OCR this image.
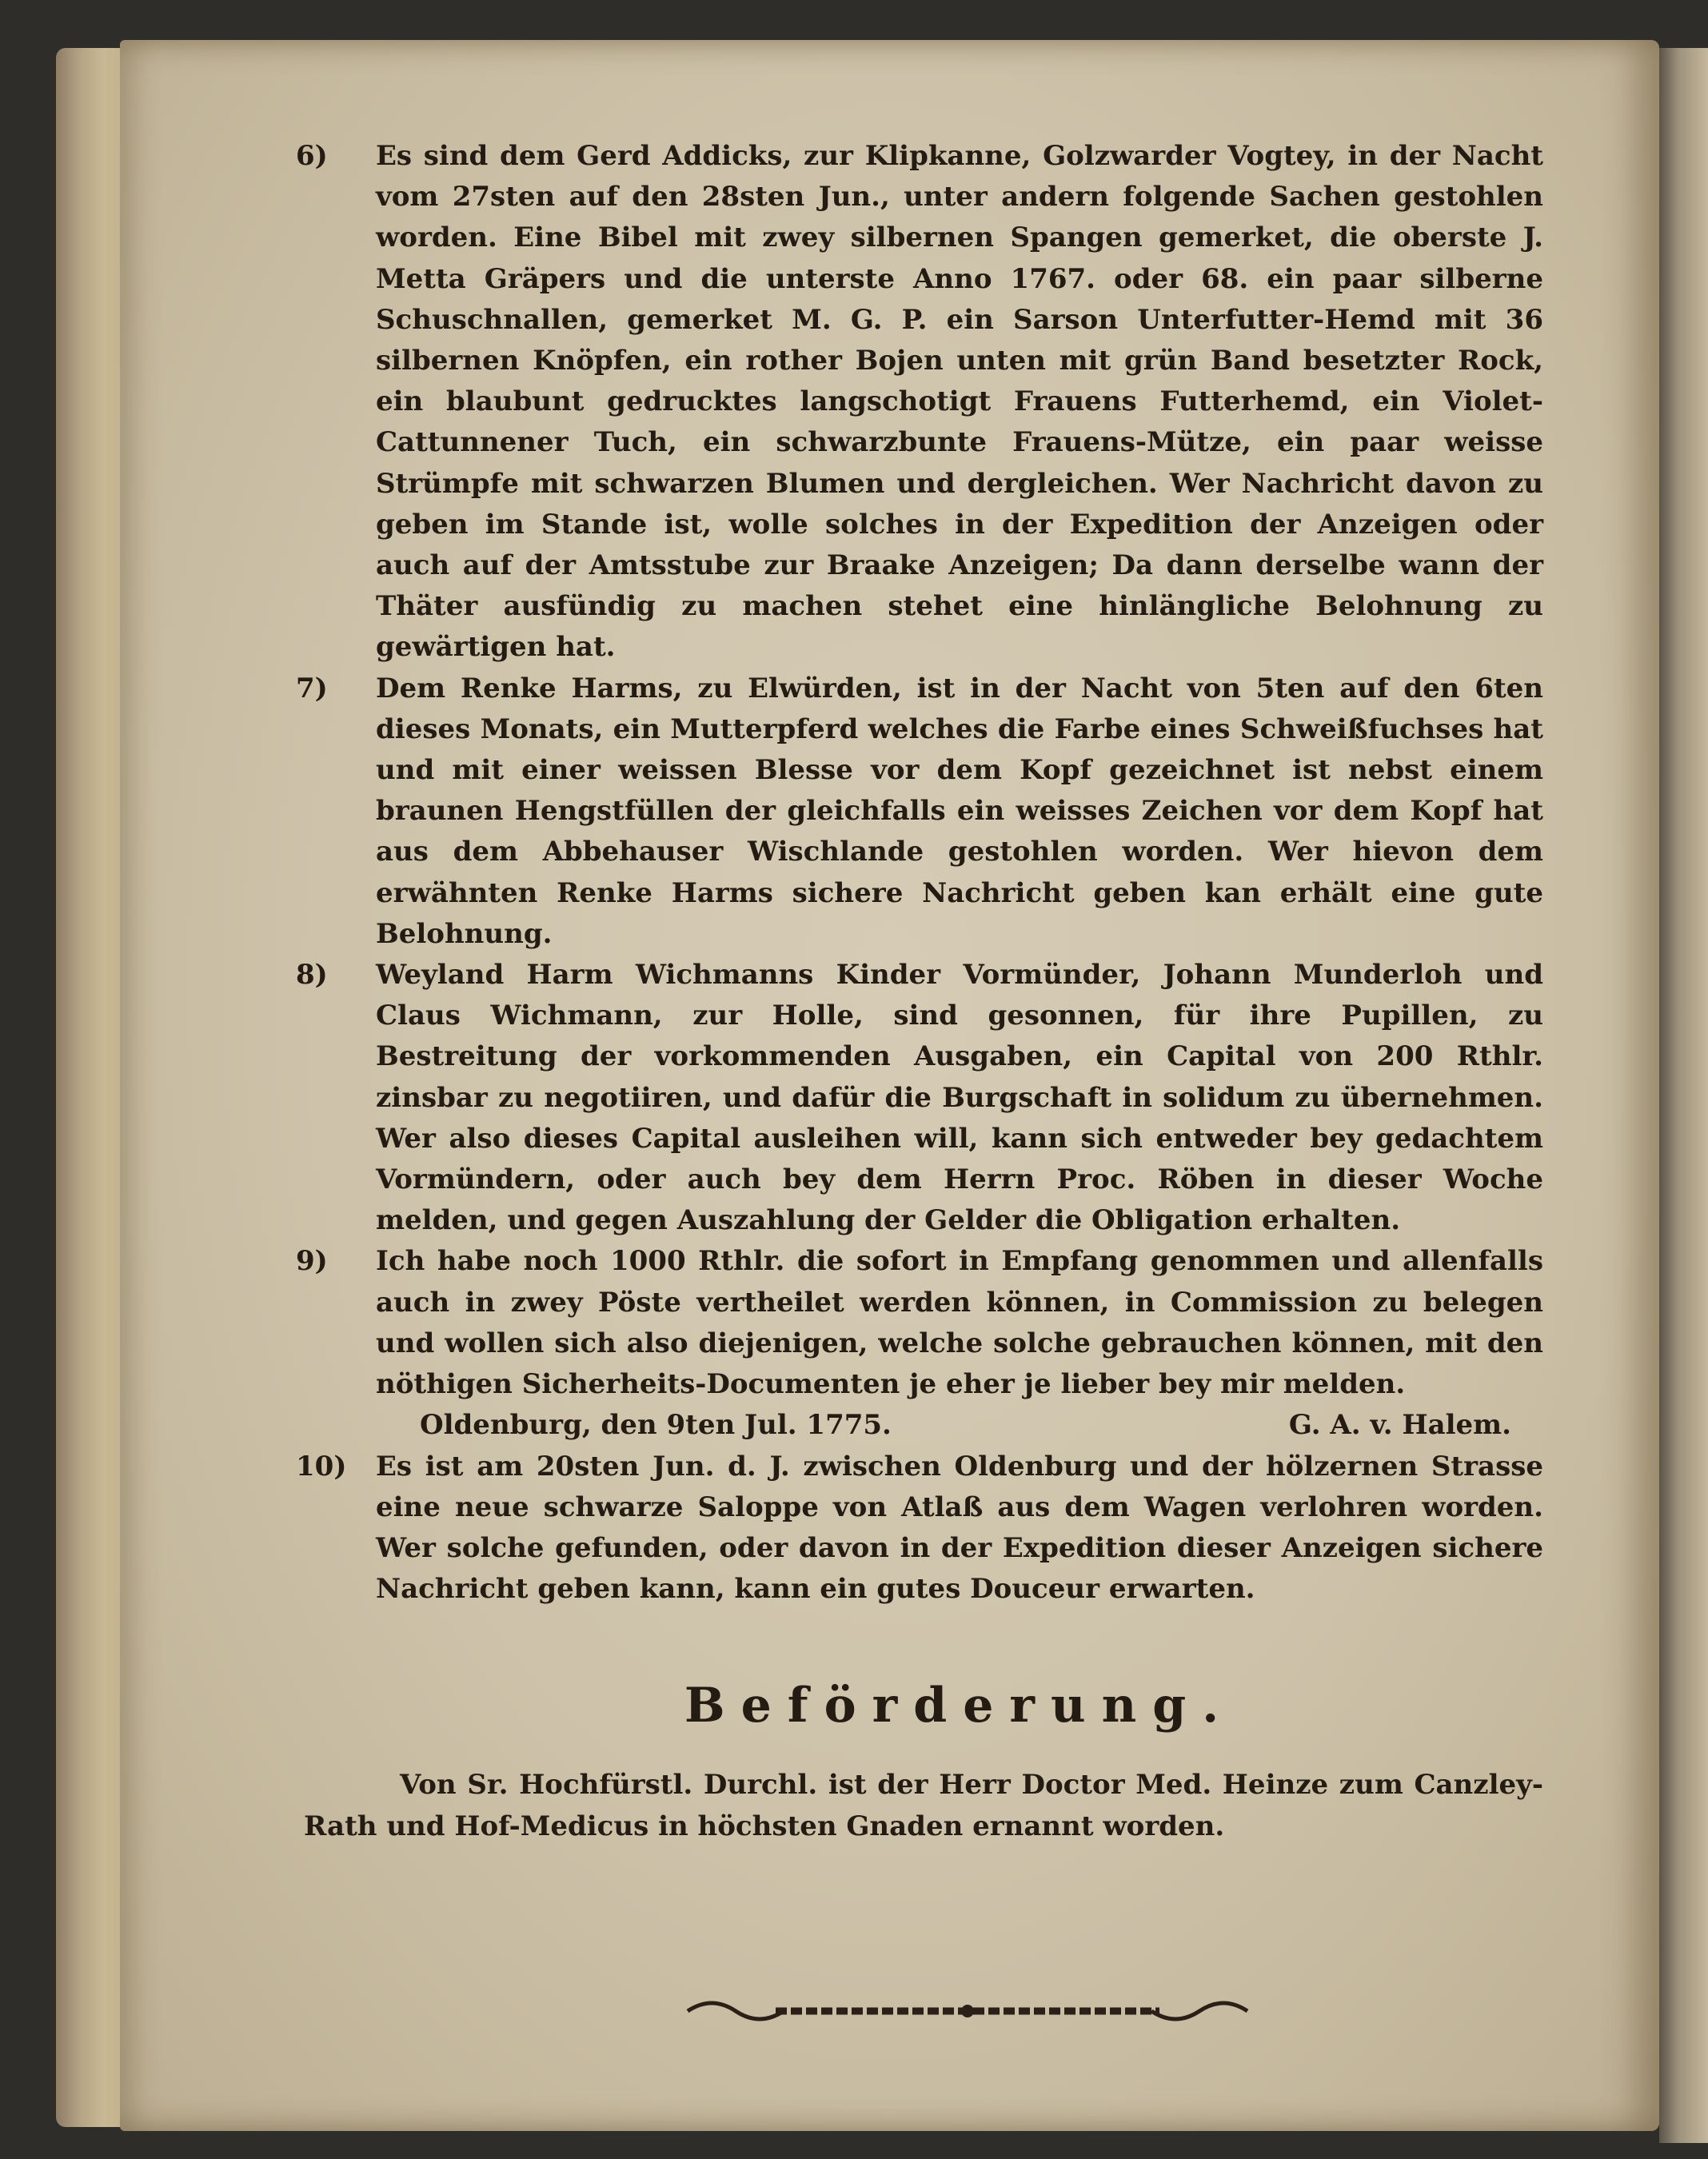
6)	Es sind dem Gerd Addicks, zur Klipkanne, Golzwarder Vogtey, in der Nacht vom 27sten auf den 28sten Jun., unter andern folgende Sachen gestohlen worden. Eine Bibel mit zwey silbernen Spangen gemerket, die oberste J. Metta Gräpers und die unterste Anno 1767. oder 68. ein paar silberne Schuschnallen, gemerket M. G. P. ein Sarson Unterfutter-Hemd mit 36 silbernen Knöpfen, ein rother Bojen unten mit grün Band besetzter Rock, ein blaubunt gedrucktes langschotigt Frauens Futterhemd, ein Violet-Cattunnener Tuch, ein schwarzbunte Frauens-Mütze, ein paar weisse Strümpfe mit schwarzen Blumen und dergleichen. Wer Nachricht davon zu geben im Stande ist, wolle solches in der Expedition der Anzeigen oder auch auf der Amtsstube zur Braake Anzeigen; Da dann derselbe wann der Thäter ausfündig zu machen stehet eine hinlängliche Belohnung zu gewärtigen hat.

7)	Dem Renke Harms, zu Elwürden, ist in der Nacht von 5ten auf den 6ten dieses Monats, ein Mutterpferd welches die Farbe eines Schweißfuchses hat und mit einer weissen Blesse vor dem Kopf gezeichnet ist nebst einem braunen Hengstfüllen der gleichfalls ein weisses Zeichen vor dem Kopf hat aus dem Abbehauser Wischlande gestohlen worden. Wer hievon dem erwähnten Renke Harms sichere Nachricht geben kan erhält eine gute Belohnung.

8)	Weyland Harm Wichmanns Kinder Vormünder, Johann Munderloh und Claus Wichmann, zur Holle, sind gesonnen, für ihre Pupillen, zu Bestreitung der vorkommenden Ausgaben, ein Capital von 200 Rthlr. zinsbar zu negotiiren, und dafür die Burgschaft in solidum zu übernehmen. Wer also dieses Capital ausleihen will, kann sich entweder bey gedachtem Vormündern, oder auch bey dem Herrn Proc. Röben in dieser Woche melden, und gegen Auszahlung der Gelder die Obligation erhalten.

9)	Ich habe noch 1000 Rthlr. die sofort in Empfang genommen und allenfalls auch in zwey Pöste vertheilet werden können, in Commission zu belegen und wollen sich also diejenigen, welche solche gebrauchen können, mit den nöthigen Sicherheits-Documenten je eher je lieber bey mir melden.

Oldenburg, den 9ten Jul. 1775.	G. A. v. Halem.

10)	Es ist am 20sten Jun. d. J. zwischen Oldenburg und der hölzernen Strasse eine neue schwarze Saloppe von Atlaß aus dem Wagen verlohren worden. Wer solche gefunden, oder davon in der Expedition dieser Anzeigen sichere Nachricht geben kann, kann ein gutes Douceur erwarten.

Beförderung.

Von Sr. Hochfürstl. Durchl. ist der Herr Doctor Med. Heinze zum Canzley-Rath und Hof-Medicus in höchsten Gnaden ernannt worden.
